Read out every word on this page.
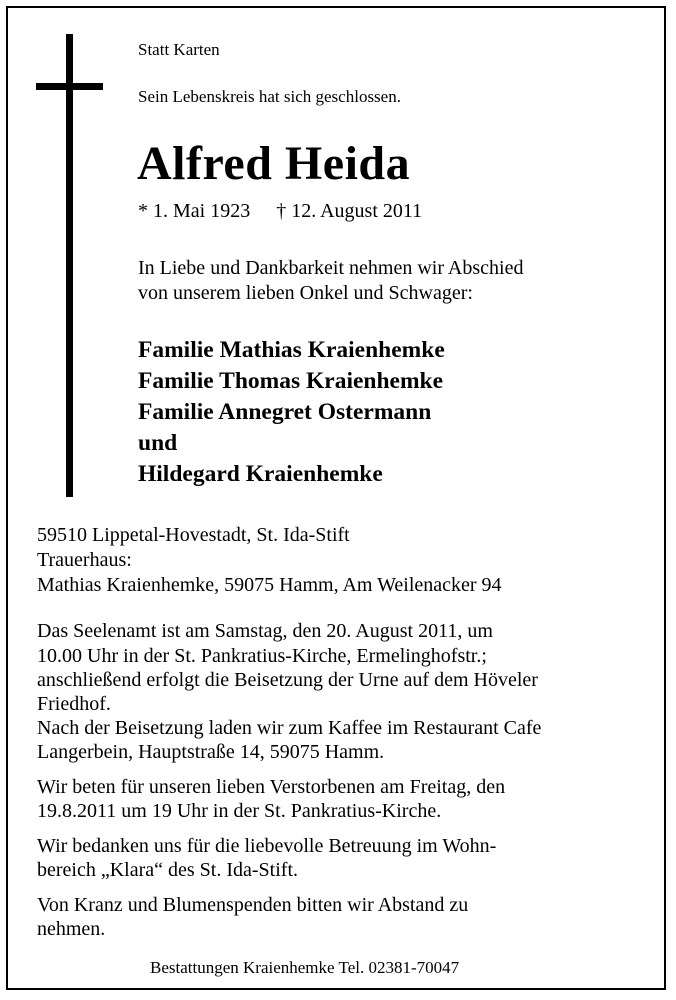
Statt Karten

Sein Lebenskreis hat sich geschlossen.

Alfred Heida

* 1. Mai 1923 † 12. August 2011

In Liebe und Dankbarkeit nehmen wir Abschied

von unserem lieben Onkel und Schwager:

Familie Mathias Kraienhemke

Familie Thomas Kraienhemke

Familie Annegret Ostermann

und

Hildegard Kraienhemke

59510 Lippetal-Hovestadt, St. Ida-Stift

Trauerhaus:

Mathias Kraienhemke, 59075 Hamm, Am Weilenacker 94

Das Seelenamt ist am Samstag, den 20. August 2011, um

10.00 Uhr in der St. Pankratius-Kirche, Ermelinghofstr.;

anschließend erfolgt die Beisetzung der Urne auf dem Höveler

Friedhof.

Nach der Beisetzung laden wir zum Kaffee im Restaurant Cafe

Langerbein, Hauptstraße 14, 59075 Hamm.

Wir beten für unseren lieben Verstorbenen am Freitag, den

19.8.2011 um 19 Uhr in der St. Pankratius-Kirche.

Wir bedanken uns für die liebevolle Betreuung im Wohn-

bereich „Klara“ des St. Ida-Stift.

Von Kranz und Blumenspenden bitten wir Abstand zu

nehmen.

Bestattungen Kraienhemke Tel. 02381-70047
